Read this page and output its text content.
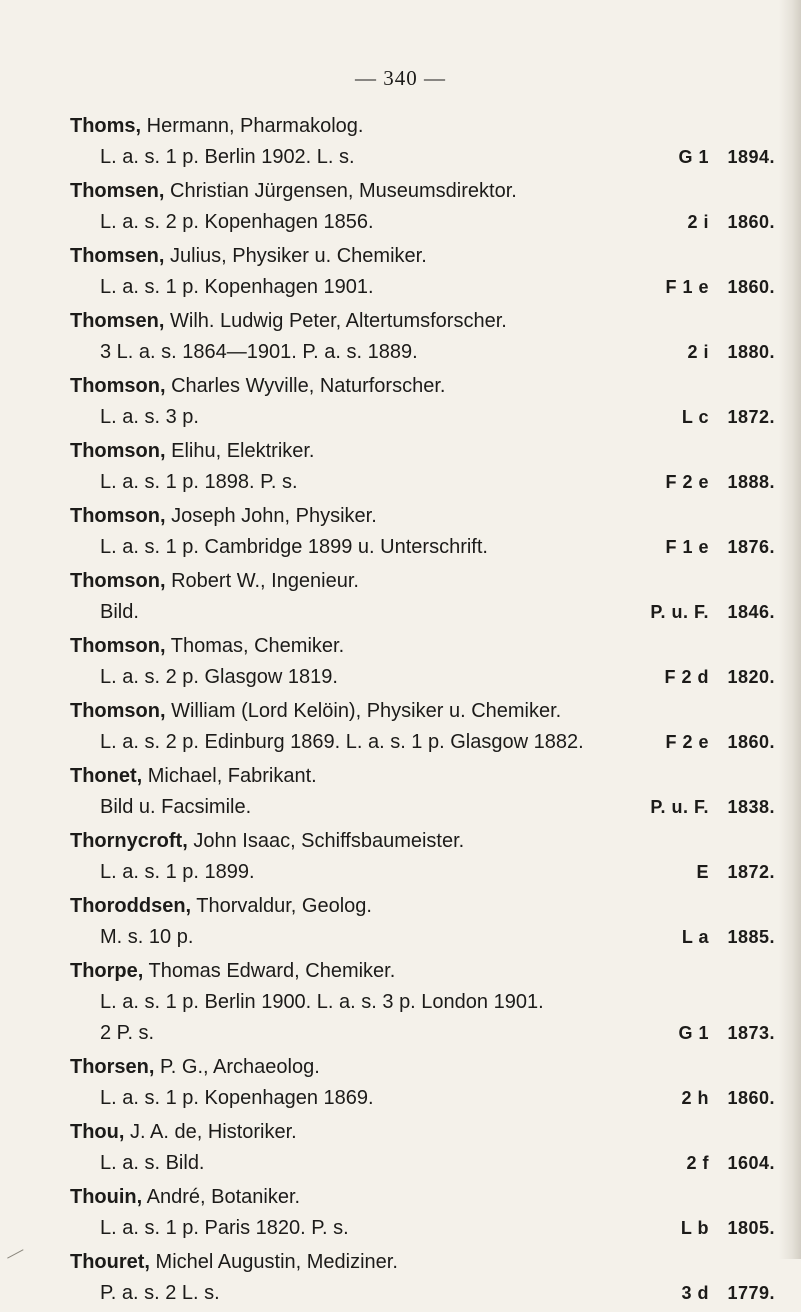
— 340 —
Thoms, Hermann, Pharmakolog.
L. a. s. 1 p. Berlin 1902. L. s.	G 1 1894.
Thomsen, Christian Jürgensen, Museumsdirektor.
L. a. s. 2 p. Kopenhagen 1856.	2 i 1860.
Thomsen, Julius, Physiker u. Chemiker.
L. a. s. 1 p. Kopenhagen 1901.	F 1 e 1860.
Thomsen, Wilh. Ludwig Peter, Altertumsforscher.
3 L. a. s. 1864—1901. P. a. s. 1889.	2 i 1880.
Thomson, Charles Wyville, Naturforscher.
L. a. s. 3 p.	L c 1872.
Thomson, Elihu, Elektriker.
L. a. s. 1 p. 1898. P. s.	F 2 e 1888.
Thomson, Joseph John, Physiker.
L. a. s. 1 p. Cambridge 1899 u. Unterschrift.	F 1 e 1876.
Thomson, Robert W., Ingenieur.
Bild.	P. u. F. 1846.
Thomson, Thomas, Chemiker.
L. a. s. 2 p. Glasgow 1819.	F 2 d 1820.
Thomson, William (Lord Kelöin), Physiker u. Chemiker.
L. a. s. 2 p. Edinburg 1869. L. a. s. 1 p. Glasgow 1882.	F 2 e 1860.
Thonet, Michael, Fabrikant.
Bild u. Facsimile.	P. u. F. 1838.
Thornycroft, John Isaac, Schiffsbaumeister.
L. a. s. 1 p. 1899.	E 1872.
Thoroddsen, Thorvaldur, Geolog.
M. s. 10 p.	L a 1885.
Thorpe, Thomas Edward, Chemiker.
L. a. s. 1 p. Berlin 1900. L. a. s. 3 p. London 1901.
2 P. s.	G 1 1873.
Thorsen, P. G., Archaeolog.
L. a. s. 1 p. Kopenhagen 1869.	2 h 1860.
Thou, J. A. de, Historiker.
L. a. s. Bild.	2 f 1604.
Thouin, André, Botaniker.
L. a. s. 1 p. Paris 1820. P. s.	L b 1805.
Thouret, Michel Augustin, Mediziner.
P. a. s. 2 L. s.	3 d 1779.
